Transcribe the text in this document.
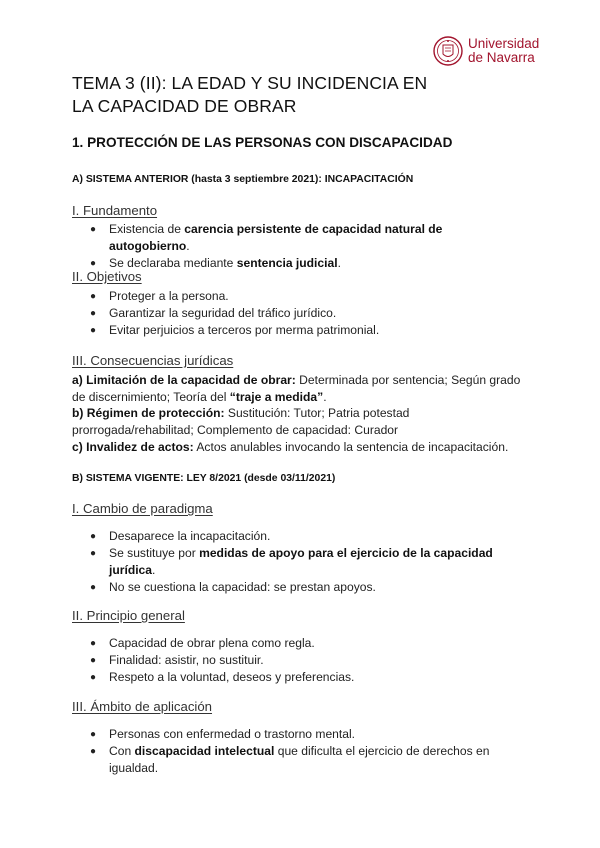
Universidad
de Navarra
TEMA 3 (II): LA EDAD Y SU INCIDENCIA EN
LA CAPACIDAD DE OBRAR
1. PROTECCIÓN DE LAS PERSONAS CON DISCAPACIDAD

A) SISTEMA ANTERIOR (hasta 3 septiembre 2021): INCAPACITACIÓN

I. Fundamento

● Existencia de carencia persistente de capacidad natural de autogobierno.
● Se declaraba mediante sentencia judicial.

II. Objetivos

● Proteger a la persona.
● Garantizar la seguridad del tráfico jurídico.
● Evitar perjuicios a terceros por merma patrimonial.

III. Consecuencias jurídicas

a) Limitación de la capacidad de obrar: Determinada por sentencia; Según grado de discernimiento; Teoría del “traje a medida”.
b) Régimen de protección: Sustitución: Tutor; Patria potestad
prorrogada/rehabilitad; Complemento de capacidad: Curador
c) Invalidez de actos: Actos anulables invocando la sentencia de incapacitación.

B) SISTEMA VIGENTE: LEY 8/2021 (desde 03/11/2021)

I. Cambio de paradigma

● Desaparece la incapacitación.
● Se sustituye por medidas de apoyo para el ejercicio de la capacidad jurídica.
● No se cuestiona la capacidad: se prestan apoyos.

II. Principio general

● Capacidad de obrar plena como regla.
● Finalidad: asistir, no sustituir.
● Respeto a la voluntad, deseos y preferencias.

III. Ámbito de aplicación

● Personas con enfermedad o trastorno mental.
● Con discapacidad intelectual que dificulta el ejercicio de derechos en igualdad.
